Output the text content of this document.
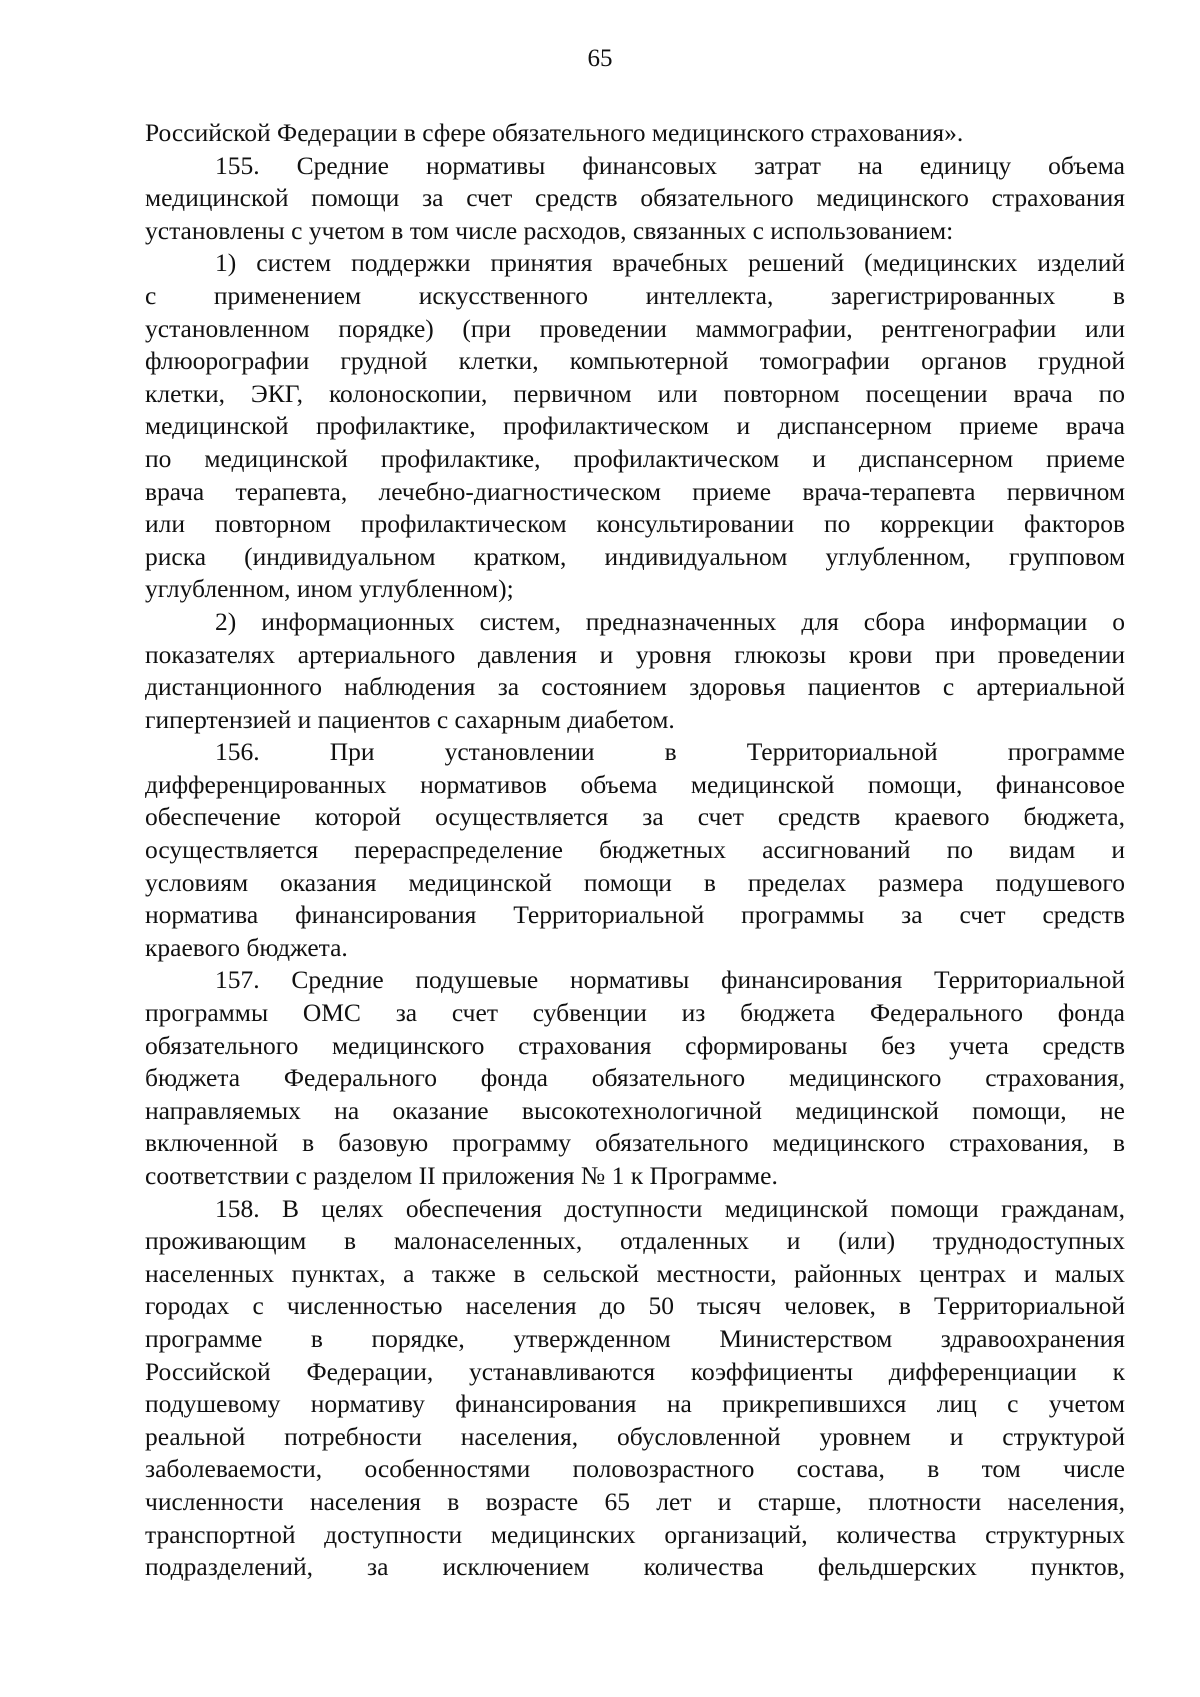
65
Российской Федерации в сфере обязательного медицинского страхования».
155. Средние нормативы финансовых затрат на единицу объема
медицинской помощи за счет средств обязательного медицинского страхования
установлены с учетом в том числе расходов, связанных с использованием:
1) систем поддержки принятия врачебных решений (медицинских изделий
с применением искусственного интеллекта, зарегистрированных в
установленном порядке) (при проведении маммографии, рентгенографии или
флюорографии грудной клетки, компьютерной томографии органов грудной
клетки, ЭКГ, колоноскопии, первичном или повторном посещении врача по
медицинской профилактике, профилактическом и диспансерном приеме врача
по медицинской профилактике, профилактическом и диспансерном приеме
врача терапевта, лечебно-диагностическом приеме врача-терапевта первичном
или повторном профилактическом консультировании по коррекции факторов
риска (индивидуальном кратком, индивидуальном углубленном, групповом
углубленном, ином углубленном);
2) информационных систем, предназначенных для сбора информации о
показателях артериального давления и уровня глюкозы крови при проведении
дистанционного наблюдения за состоянием здоровья пациентов с артериальной
гипертензией и пациентов с сахарным диабетом.
156. При установлении в Территориальной программе
дифференцированных нормативов объема медицинской помощи, финансовое
обеспечение которой осуществляется за счет средств краевого бюджета,
осуществляется перераспределение бюджетных ассигнований по видам и
условиям оказания медицинской помощи в пределах размера подушевого
норматива финансирования Территориальной программы за счет средств
краевого бюджета.
157. Средние подушевые нормативы финансирования Территориальной
программы ОМС за счет субвенции из бюджета Федерального фонда
обязательного медицинского страхования сформированы без учета средств
бюджета Федерального фонда обязательного медицинского страхования,
направляемых на оказание высокотехнологичной медицинской помощи, не
включенной в базовую программу обязательного медицинского страхования, в
соответствии с разделом II приложения № 1 к Программе.
158. В целях обеспечения доступности медицинской помощи гражданам,
проживающим в малонаселенных, отдаленных и (или) труднодоступных
населенных пунктах, а также в сельской местности, районных центрах и малых
городах с численностью населения до 50 тысяч человек, в Территориальной
программе в порядке, утвержденном Министерством здравоохранения
Российской Федерации, устанавливаются коэффициенты дифференциации к
подушевому нормативу финансирования на прикрепившихся лиц с учетом
реальной потребности населения, обусловленной уровнем и структурой
заболеваемости, особенностями половозрастного состава, в том числе
численности населения в возрасте 65 лет и старше, плотности населения,
транспортной доступности медицинских организаций, количества структурных
подразделений, за исключением количества фельдшерских пунктов,
